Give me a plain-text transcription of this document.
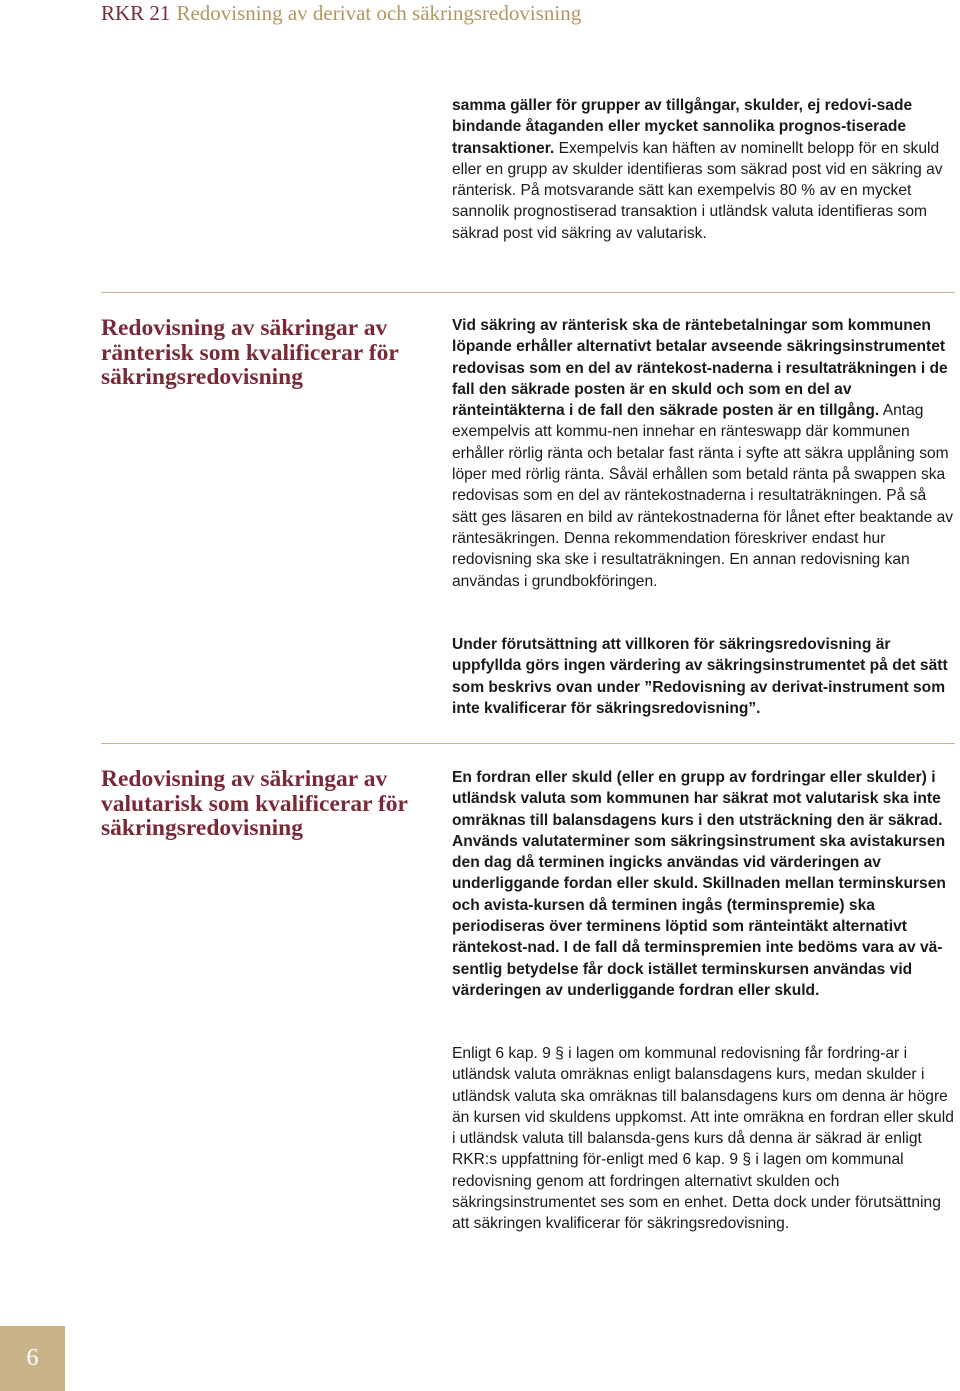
RKR 21 Redovisning av derivat och säkringsredovisning

samma gäller för grupper av tillgångar, skulder, ej redovi-sade bindande åtaganden eller mycket sannolika prognos-tiserade transaktioner. Exempelvis kan häften av nominellt belopp för en skuld eller en grupp av skulder identifieras som säkrad post vid en säkring av ränterisk. På motsvarande sätt kan exempelvis 80 % av en mycket sannolik prognostiserad transaktion i utländsk valuta identifieras som säkrad post vid säkring av valutarisk.

Redovisning av säkringar av ränterisk som kvalificerar för säkringsredovisning

Vid säkring av ränterisk ska de räntebetalningar som kommunen löpande erhåller alternativt betalar avseende säkringsinstrumentet redovisas som en del av räntekost-naderna i resultaträkningen i de fall den säkrade posten är en skuld och som en del av ränteintäkterna i de fall den säkrade posten är en tillgång. Antag exempelvis att kommu-nen innehar en ränteswapp där kommunen erhåller rörlig ränta och betalar fast ränta i syfte att säkra upplåning som löper med rörlig ränta. Såväl erhållen som betald ränta på swappen ska redovisas som en del av räntekostnaderna i resultaträkningen. På så sätt ges läsaren en bild av räntekostnaderna för lånet efter beaktande av räntesäkringen. Denna rekommendation föreskriver endast hur redovisning ska ske i resultaträkningen. En annan redovisning kan användas i grundbokföringen.

Under förutsättning att villkoren för säkringsredovisning är uppfyllda görs ingen värdering av säkringsinstrumentet på det sätt som beskrivs ovan under ”Redovisning av derivat-instrument som inte kvalificerar för säkringsredovisning”.

Redovisning av säkringar av valutarisk som kvalificerar för säkringsredovisning

En fordran eller skuld (eller en grupp av fordringar eller skulder) i utländsk valuta som kommunen har säkrat mot valutarisk ska inte omräknas till balansdagens kurs i den utsträckning den är säkrad. Används valutaterminer som säkringsinstrument ska avistakursen den dag då terminen ingicks användas vid värderingen av underliggande fordan eller skuld. Skillnaden mellan terminskursen och avista-kursen då terminen ingås (terminspremie) ska periodiseras över terminens löptid som ränteintäkt alternativt räntekost-nad. I de fall då terminspremien inte bedöms vara av vä-sentlig betydelse får dock istället terminskursen användas vid värderingen av underliggande fordran eller skuld.

Enligt 6 kap. 9 § i lagen om kommunal redovisning får fordring-ar i utländsk valuta omräknas enligt balansdagens kurs, medan skulder i utländsk valuta ska omräknas till balansdagens kurs om denna är högre än kursen vid skuldens uppkomst. Att inte omräkna en fordran eller skuld i utländsk valuta till balansda-gens kurs då denna är säkrad är enligt RKR:s uppfattning för-enligt med 6 kap. 9 § i lagen om kommunal redovisning genom att fordringen alternativt skulden och säkringsinstrumentet ses som en enhet. Detta dock under förutsättning att säkringen kvalificerar för säkringsredovisning.

6
